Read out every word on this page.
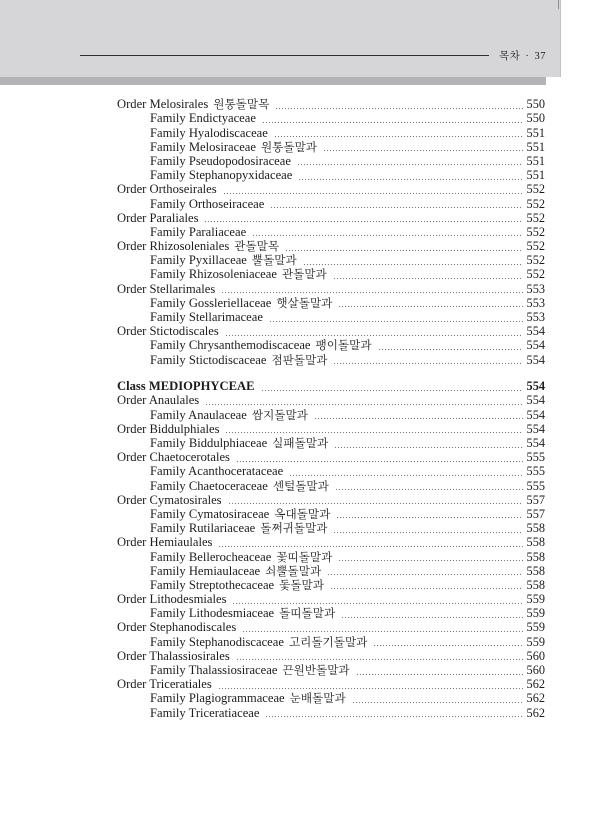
목차 · 37
Order Melosirales 원통돌말목	550
Family Endictyaceae	550
Family Hyalodiscaceae	551
Family Melosiraceae 원통돌말과	551
Family Pseudopodosiraceae	551
Family Stephanopyxidaceae	551
Order Orthoseirales	552
Family Orthoseiraceae	552
Order Paraliales	552
Family Paraliaceae	552
Order Rhizosoleniales 관돌말목	552
Family Pyxillaceae 뿔돌말과	552
Family Rhizosoleniaceae 관돌말과	552
Order Stellarimales	553
Family Gossleriellaceae 햇살돌말과	553
Family Stellarimaceae	553
Order Stictodiscales	554
Family Chrysanthemodiscaceae 팽이돌말과	554
Family Stictodiscaceae 점판돌말과	554
Class MEDIOPHYCEAE	554
Order Anaulales	554
Family Anaulaceae 쌈지돌말과	554
Order Biddulphiales	554
Family Biddulphiaceae 실패돌말과	554
Order Chaetocerotales	555
Family Acanthocerataceae	555
Family Chaetoceraceae 센털돌말과	555
Order Cymatosirales	557
Family Cymatosiraceae 옥대돌말과	557
Family Rutilariaceae 돌쩌귀돌말과	558
Order Hemiaulales	558
Family Bellerocheaceae 꽃띠돌말과	558
Family Hemiaulaceae 쇠뿔돌말과	558
Family Streptothecaceae 돛돌말과	558
Order Lithodesmiales	559
Family Lithodesmiaceae 돌띠돌말과	559
Order Stephanodiscales	559
Family Stephanodiscaceae 고리돌기돌말과	559
Order Thalassiosirales	560
Family Thalassiosiraceae 끈원반돌말과	560
Order Triceratiales	562
Family Plagiogrammaceae 눈배돌말과	562
Family Triceratiaceae	562
